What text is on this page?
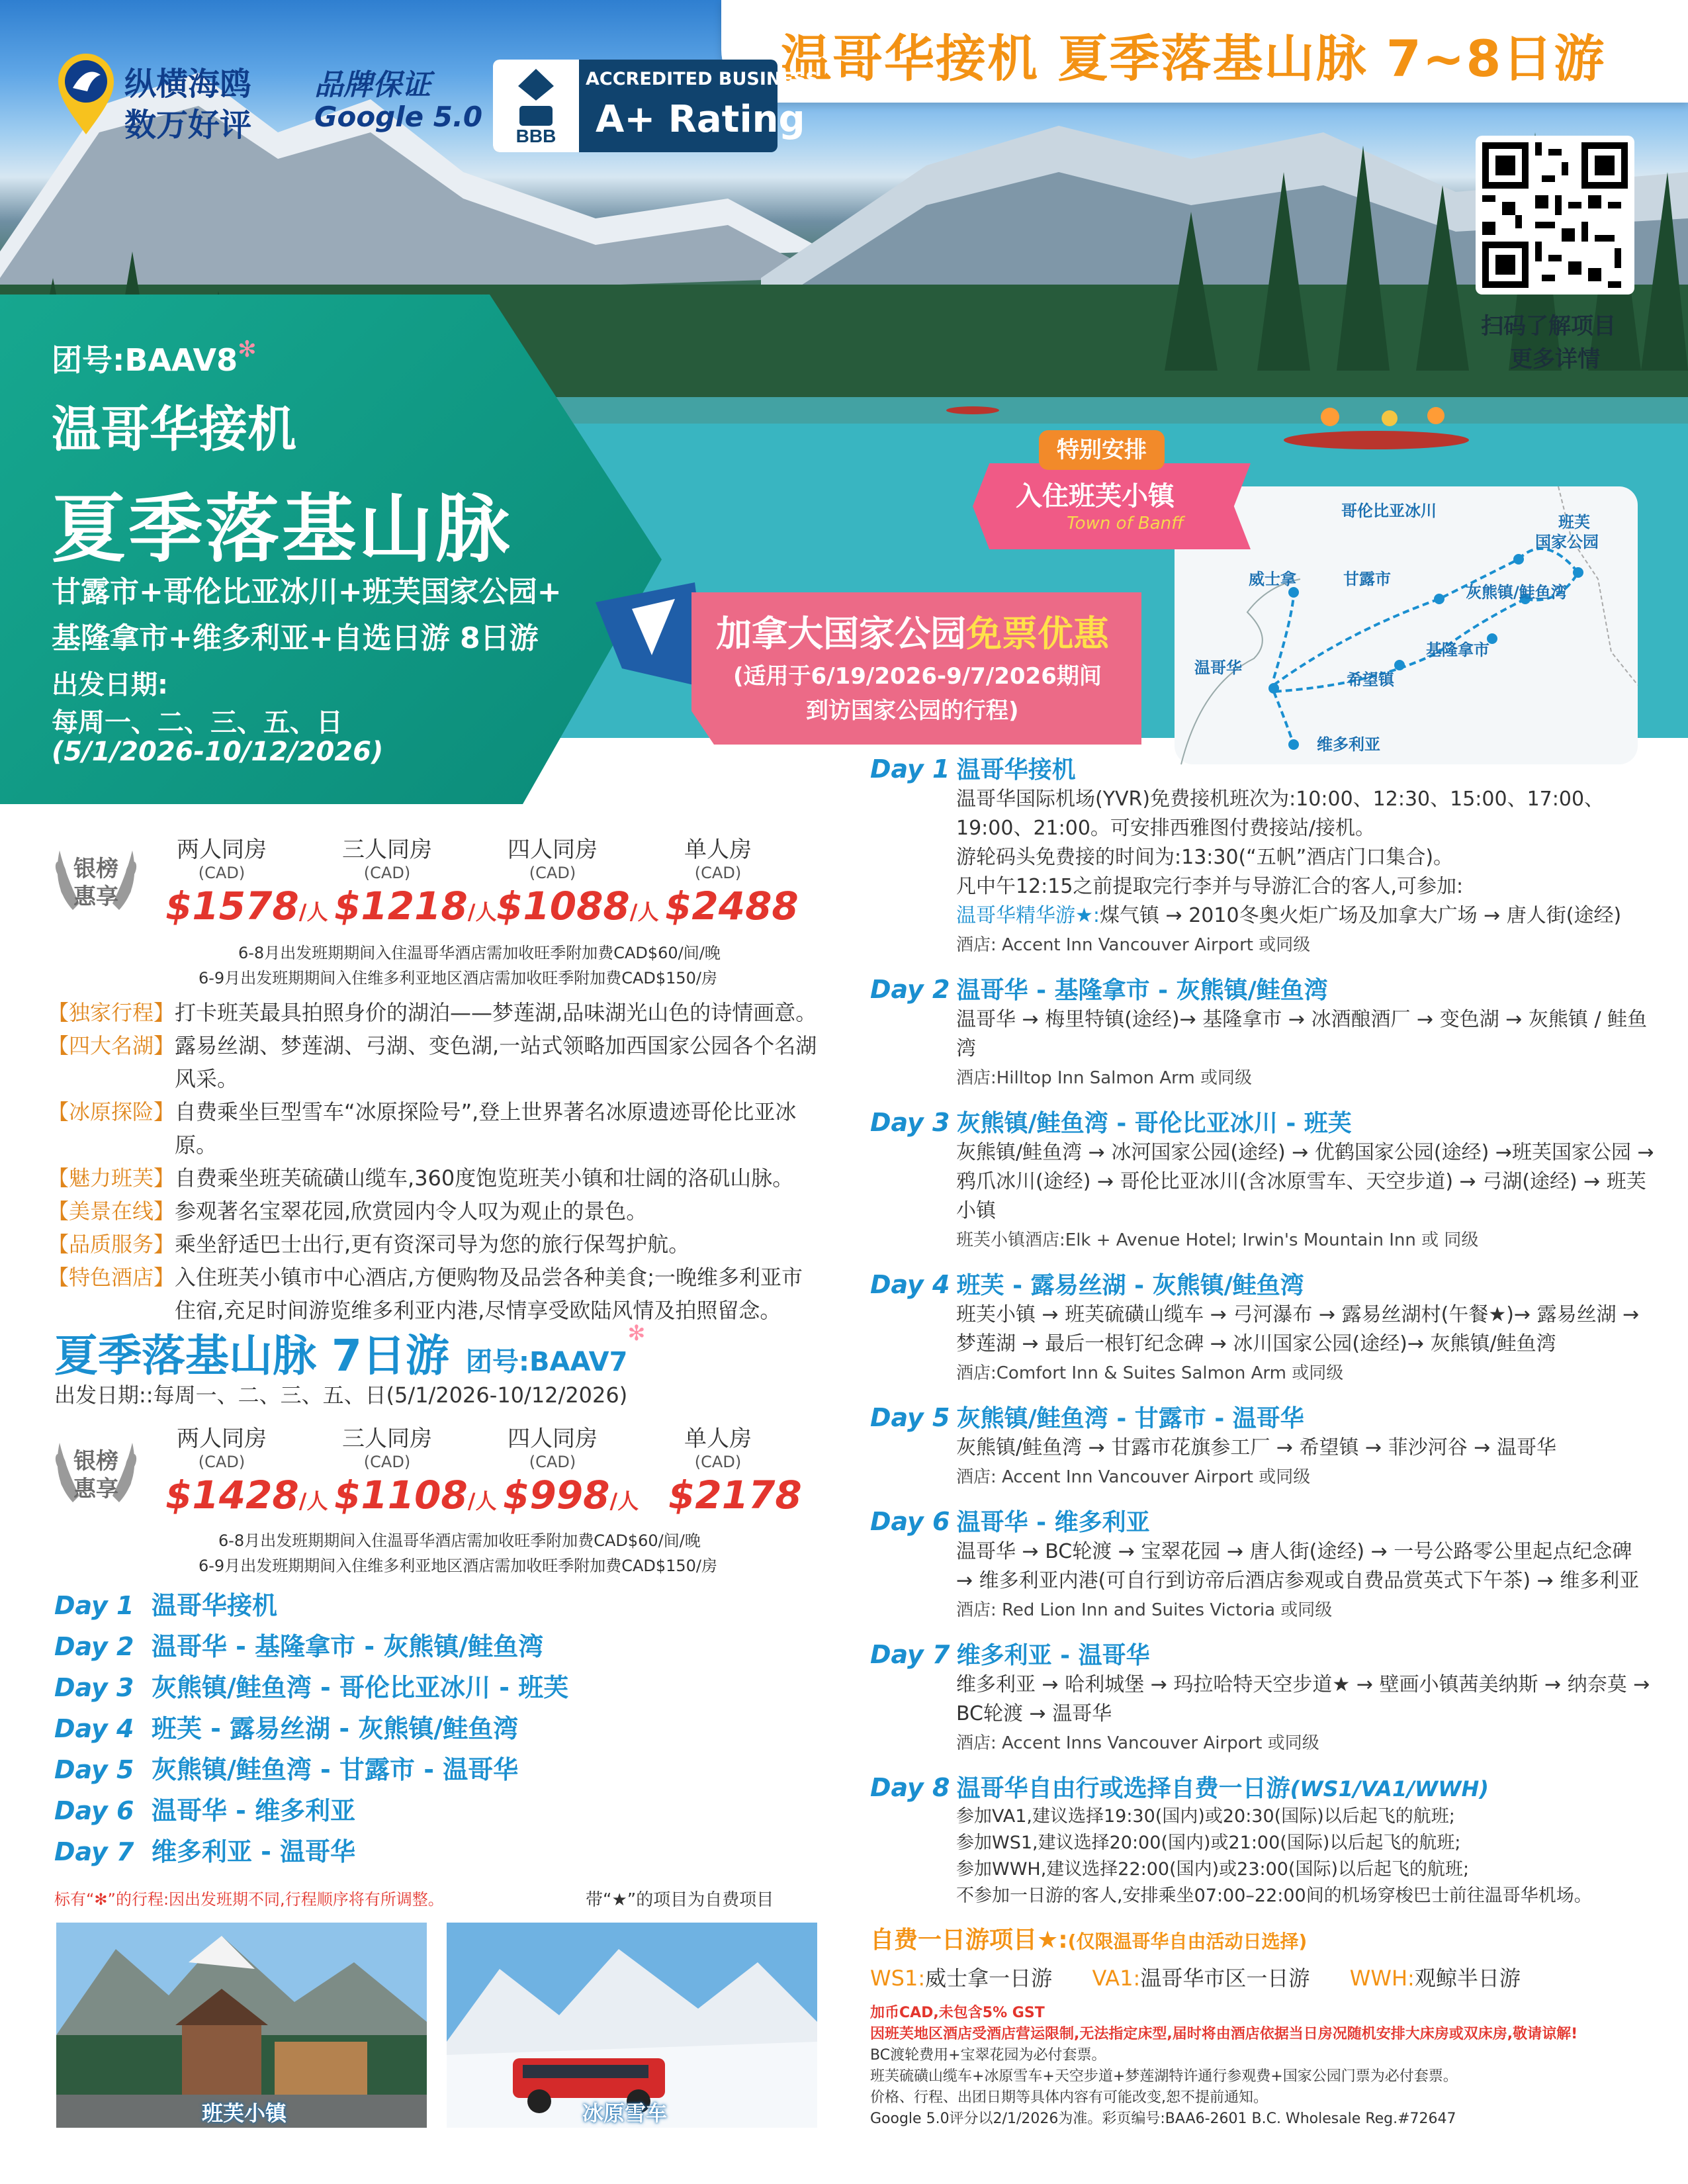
温哥华接机 夏季落基山脉 7~8日游
纵横海鸥
数万好评
品牌保证
Google 5.0
BBB
ACCREDITED BUSINESS
A+ Rating
扫码了解项目
更多详情
团号:BAAV8✻
温哥华接机
夏季落基山脉
甘露市+哥伦比亚冰川+班芙国家公园+
基隆拿市+维多利亚+自选日游 8日游
出发日期:
每周一、二、三、五、日
(5/1/2026-10/12/2026)
加拿大国家公园免票优惠
(适用于6/19/2026-9/7/2026期间
到访国家公园的行程)
哥伦比亚冰川
班芙
国家公园
威士拿	甘露市
灰熊镇/鲑鱼湾
温哥华
希望镇
基隆拿市
维多利亚
特别安排
入住班芙小镇
Town of Banff
银榜
惠享
两人同房	三人同房	四人同房	单人房
(CAD)	(CAD)	(CAD)	(CAD)
$1578/人 $1218/人 $1088/人 $2488
6-8月出发班期期间入住温哥华酒店需加收旺季附加费CAD$60/间/晚
6-9月出发班期期间入住维多利亚地区酒店需加收旺季附加费CAD$150/房
【独家行程】 打卡班芙最具拍照身价的湖泊——梦莲湖,品味湖光山色的诗情画意。
【四大名湖】 露易丝湖、梦莲湖、弓湖、变色湖,一站式领略加西国家公园各个名湖风采。
【冰原探险】 自费乘坐巨型雪车“冰原探险号”,登上世界著名冰原遗迹哥伦比亚冰原。
【魅力班芙】 自费乘坐班芙硫磺山缆车,360度饱览班芙小镇和壮阔的洛矶山脉。
【美景在线】 参观著名宝翠花园,欣赏园内令人叹为观止的景色。
【品质服务】 乘坐舒适巴士出行,更有资深司导为您的旅行保驾护航。
【特色酒店】 入住班芙小镇市中心酒店,方便购物及品尝各种美食;一晚维多利亚市住宿,充足时间游览维多利亚内港,尽情享受欧陆风情及拍照留念。
夏季落基山脉 7日游 团号:BAAV7✻
出发日期::每周一、二、三、五、日(5/1/2026-10/12/2026)
银榜
惠享
两人同房	三人同房	四人同房	单人房
(CAD)	(CAD)	(CAD)	(CAD)
$1428/人 $1108/人 $998/人 $2178
6-8月出发班期期间入住温哥华酒店需加收旺季附加费CAD$60/间/晚
6-9月出发班期期间入住维多利亚地区酒店需加收旺季附加费CAD$150/房
Day 1 温哥华接机
Day 2 温哥华 - 基隆拿市 - 灰熊镇/鲑鱼湾
Day 3 灰熊镇/鲑鱼湾 - 哥伦比亚冰川 - 班芙
Day 4 班芙 - 露易丝湖 - 灰熊镇/鲑鱼湾
Day 5 灰熊镇/鲑鱼湾 - 甘露市 - 温哥华
Day 6 温哥华 - 维多利亚
Day 7 维多利亚 - 温哥华
标有“✻”的行程:因出发班期不同,行程顺序将有所调整。	带“★”的项目为自费项目
班芙小镇	冰原雪车
Day 1 温哥华接机
温哥华国际机场(YVR)免费接机班次为:10:00、12:30、15:00、17:00、19:00、21:00。可安排西雅图付费接站/接机。
游轮码头免费接的时间为:13:30(“五帆”酒店门口集合)。
凡中午12:15之前提取完行李并与导游汇合的客人,可参加:
温哥华精华游★:煤气镇 → 2010冬奥火炬广场及加拿大广场 → 唐人街(途经)
酒店: Accent Inn Vancouver Airport 或同级
Day 2 温哥华 - 基隆拿市 - 灰熊镇/鲑鱼湾
温哥华 → 梅里特镇(途经)→ 基隆拿市 → 冰酒酿酒厂 → 变色湖 → 灰熊镇 / 鲑鱼湾
酒店:Hilltop Inn Salmon Arm 或同级
Day 3 灰熊镇/鲑鱼湾 - 哥伦比亚冰川 - 班芙
灰熊镇/鲑鱼湾 → 冰河国家公园(途经) → 优鹤国家公园(途经) →班芙国家公园 → 鸦爪冰川(途经) → 哥伦比亚冰川(含冰原雪车、天空步道) → 弓湖(途经) → 班芙小镇
班芙小镇酒店:Elk + Avenue Hotel; Irwin's Mountain Inn 或 同级
Day 4 班芙 - 露易丝湖 - 灰熊镇/鲑鱼湾
班芙小镇 → 班芙硫磺山缆车 → 弓河瀑布 → 露易丝湖村(午餐★)→ 露易丝湖 → 梦莲湖 → 最后一根钉纪念碑 → 冰川国家公园(途经)→ 灰熊镇/鲑鱼湾
酒店:Comfort Inn & Suites Salmon Arm 或同级
Day 5 灰熊镇/鲑鱼湾 - 甘露市 - 温哥华
灰熊镇/鲑鱼湾 → 甘露市花旗参工厂 → 希望镇 → 菲沙河谷 → 温哥华
酒店: Accent Inn Vancouver Airport 或同级
Day 6 温哥华 - 维多利亚
温哥华 → BC轮渡 → 宝翠花园 → 唐人街(途经) → 一号公路零公里起点纪念碑 → 维多利亚内港(可自行到访帝后酒店参观或自费品赏英式下午茶) → 维多利亚
酒店: Red Lion Inn and Suites Victoria 或同级
Day 7 维多利亚 - 温哥华
维多利亚 → 哈利城堡 → 玛拉哈特天空步道★ → 壁画小镇茜美纳斯 → 纳奈莫 → BC轮渡 → 温哥华
酒店: Accent Inns Vancouver Airport 或同级
Day 8 温哥华自由行或选择自费一日游(WS1/VA1/WWH)
参加VA1,建议选择19:30(国内)或20:30(国际)以后起飞的航班;
参加WS1,建议选择20:00(国内)或21:00(国际)以后起飞的航班;
参加WWH,建议选择22:00(国内)或23:00(国际)以后起飞的航班;
不参加一日游的客人,安排乘坐07:00–22:00间的机场穿梭巴士前往温哥华机场。
自费一日游项目★:(仅限温哥华自由活动日选择)
WS1:威士拿一日游 VA1:温哥华市区一日游 WWH:观鲸半日游
加币CAD,未包含5% GST
因班芙地区酒店受酒店营运限制,无法指定床型,届时将由酒店依据当日房况随机安排大床房或双床房,敬请谅解!
BC渡轮费用+宝翠花园为必付套票。
班芙硫磺山缆车+冰原雪车+天空步道+梦莲湖特许通行参观费+国家公园门票为必付套票。
价格、行程、出团日期等具体内容有可能改变,恕不提前通知。
Google 5.0评分以2/1/2026为准。彩页编号:BAA6-2601 B.C. Wholesale Reg.#72647
